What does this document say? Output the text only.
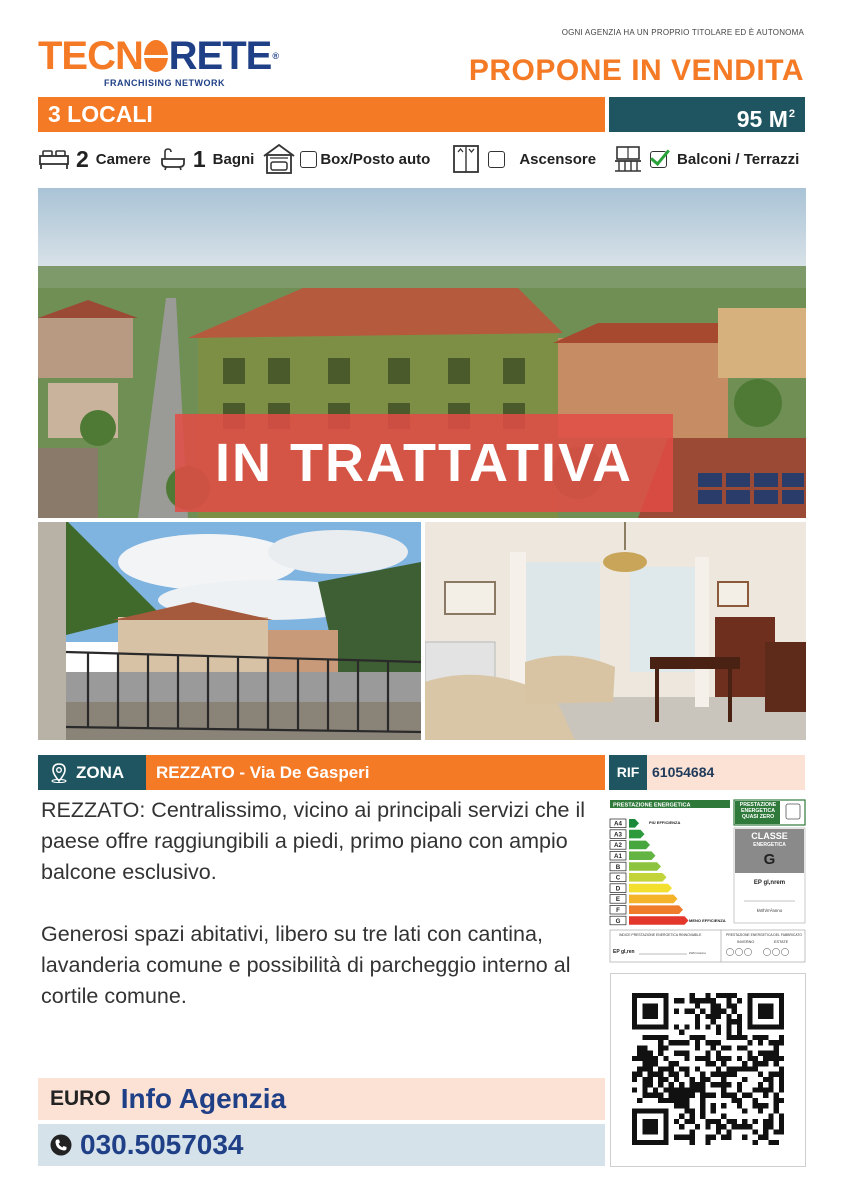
TECN RETE ®
FRANCHISING NETWORK
OGNI AGENZIA HA UN PROPRIO TITOLARE ED È AUTONOMA
PROPONE IN VENDITA
3 LOCALI	95 $M^2$
2 Camere 1 Bagni	Box/Posto auto	Ascensore	Balconi / Terrazzi
IN TRATTATIVA
ZONA	REZZATO - Via De Gasperi	RIF 61054684

REZZATO: Centralissimo, vicino ai principali servizi che il paese offre raggiungibili a piedi, primo piano con ampio balcone esclusivo.

Generosi spazi abitativi, libero su tre lati con cantina, lavanderia comune e possibilità di parcheggio interno al cortile comune.

PRESTAZIONE ENERGETICA	PRESTAZIONE ENERGETICA QUASI ZERO
A4
A3
A2
A1
B
C
D
E
F
G
PIÙ EFFICIENZA
MENO EFFICIENZA
CLASSE
ENERGETICA
G
EP gl,nrem
kWh/m²anno
INDICE PRESTAZIONE ENERGETICA RINNOVABILE	PRESTAZIONE ENERGETICA DEL FABBRICATO
INVERNO	ESTATE
EP gl,ren	kWh/m²anno
EURO Info Agenzia
030.5057034
